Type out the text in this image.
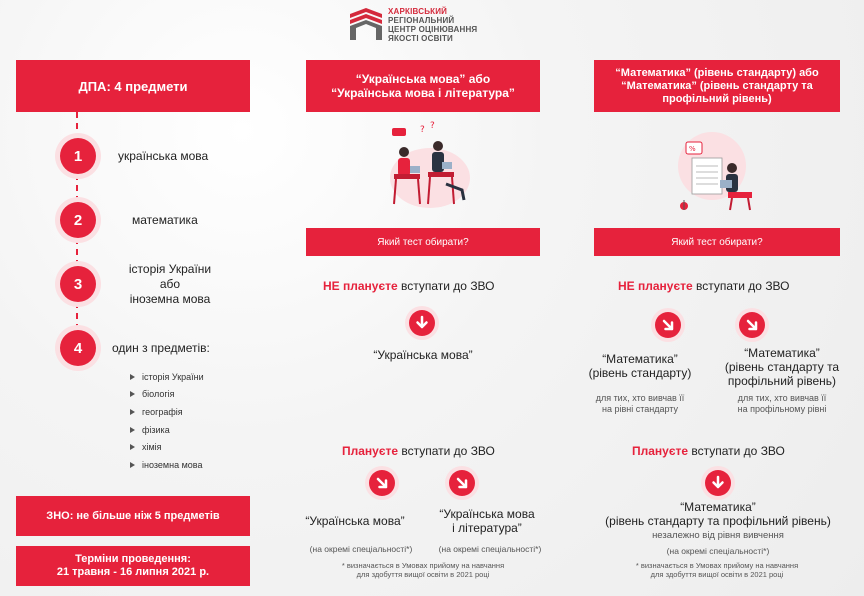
ХАРКІВСЬКИЙ
РЕГІОНАЛЬНИЙ
ЦЕНТР ОЦІНЮВАННЯ
ЯКОСТІ ОСВІТИ
ДПА: 4 предмети
1	українська мова
2	математика
3
історія України
або
іноземна мова
4	один з предметів:
історія України
біологія
географія
фізика
хімія
іноземна мова
ЗНО: не більше ніж 5 предметів
Терміни проведення:
21 травня - 16 липня 2021 р.
“Українська мова” або
“Українська мова і література”
? ?
Який тест обирати?
НЕ плануєте вступати до ЗВО
“Українська мова”
Плануєте вступати до ЗВО
“Українська мова”	“Українська мова
і література”
(на окремі спеціальності*)	(на окремі спеціальності*)
* визначається в Умовах прийому на навчання
для здобуття вищої освіти в 2021 році
“Математика” (рівень стандарту) або
“Математика” (рівень стандарту та
профільний рівень)
%
Який тест обирати?
НЕ плануєте вступати до ЗВО
“Математика”
(рівень стандарту)
для тих, хто вивчав її
на рівні стандарту
“Математика”
(рівень стандарту та
профільний рівень)
для тих, хто вивчав її
на профільному рівні
Плануєте вступати до ЗВО
“Математика”
(рівень стандарту та профільний рівень)
незалежно від рівня вивчення
(на окремі спеціальності*)
* визначається в Умовах прийому на навчання
для здобуття вищої освіти в 2021 році
